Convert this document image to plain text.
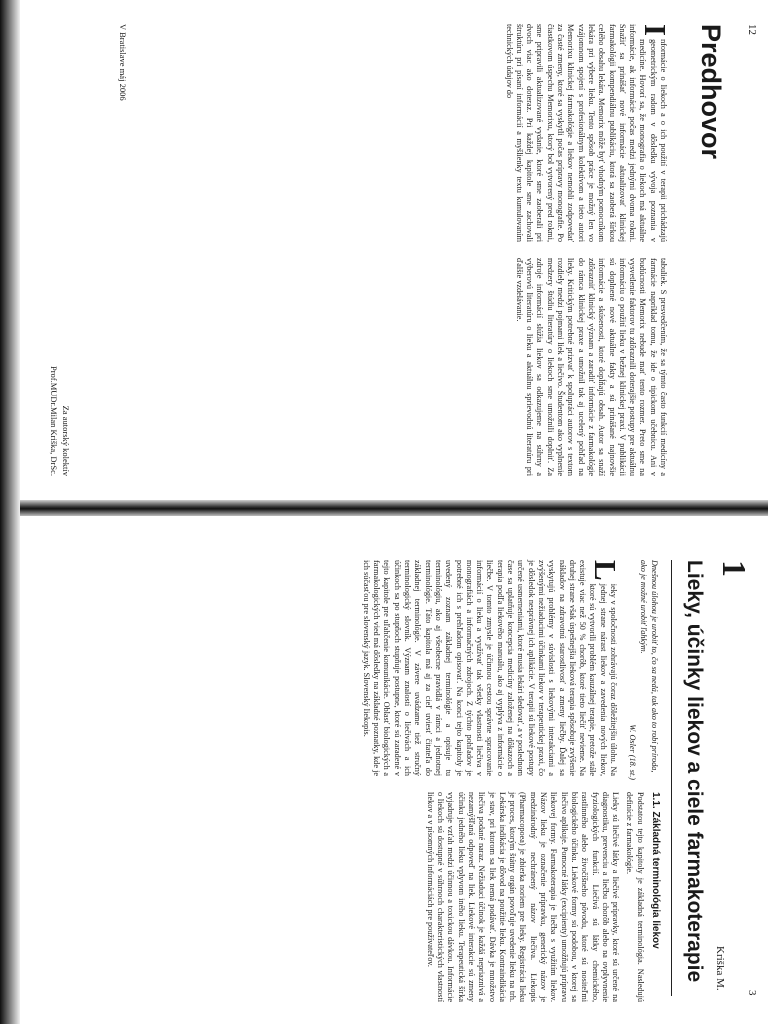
12
Predhovor
I
nformácie o liekoch a o ich použití v terapii prichádzajú geometrickým radom v dôsledku vývoja poznania v medicíne. Hovorí sa, že monografia o liekoch má aktuálne informácie, ak informácie poĉas medzi jednými dvoma rokmi. Snažiť sa prinášať nové informácie aktualizovať klinickej farmakológii kompendiálnu publikáciu, ktorá sa zaoberá šírkou celého obsahu lekára. Memorix môže byť vhodným pomocníkom lekára pri výbere lieku. Tento spôsob práce je možný len vo vzájomnom spojení s profesionálnym kolektívom a tieto autori Memorixu klinickej farmakológie a liekov nemohli zodpovedať za ĉasté zmeny, ktoré sa vyskytli poĉas prípravy monografie. Po ĉiastkovom úspechu Memorixu, ktorý bol vytvorený pred rokmi, sme pripravili aktualizované vydanie, ktoré sme zaoberali pri dvoch viac ako doteraz. Pri každej kapitole sme zachovali štruktúru pri písaní informácií a myšlienky textu kumulovaním technických údajov do
V Bratislave máj 2006
tabuliek. S presvedĉením, že sa týmto ĉasto funkcií medicíny a farmácie napríklad tomu, že ide o tipickom učebnicu. Ani v budúcnosti Memorix nebude mať tento rozmer. Preto sme na vysvetlenie faktorov tu zdôraznili doterajšie postupy pre aktuálnu informáciu o použití lieku v bežnej klinickej praxi. V publikácii sú doplnené nové aktuálne fakty a sú prinášané najnovšie informácie a skúsenosti, ktoré dopĺňajú obsah. Autor sa snaží zdôrazniť klinický význam a zaradiť informácie z farmakológie do rámca klinickej praxe a umožnil tak aj ucelený pohľad na lieky. Kritickým potrebné prizvať k spolupráci autorov s textom rozdiely medzi pojmami liek a liečivo. Študentom ako vyplnenie medzery štúdiu literatúry o liekoch sme umožnili doplniť. Za zdroje informácií slúžia liekov sa odkazujeme na súhrny a výberovú literatúru o lieku a aktuálnu sprievodnú literatúru pri ďalšie vzdelávanie.
Za autorský kolektív
Prof.MUDr.Milan Kriška, DrSc.
1
Lieky, účinky liekov a ciele farmakoterapie Kriška M.
3
Dnešnou úlohou je urobiť to, čo sa nedá, tak ako to robí príroda, ako je možné urobiť ľahkým.
W. Osler (18. st.)
L
ieky v spoločnosti zohrávajú čoraz dôležitejšiu úlohu. Na jednej strane nárast liekov a zavedenia nových liekov, ktoré sú vytvorili problém kauzálnej terapie, pretože stále existuje viac než 50 % chorôb, ktoré tieto liečiť nevieme. Na druhej strane však úspešnejšia lieková terapia spôsobuje zvýšenie nákladov na zdravotnú starostlivosť a zmeny liečby. Ďalej sa vyskytujú problémy v súvislosti s liekovými interakciami a zvýšenými nežiaducimi účinkami liekov v terapeutickej praxi, čo je dôsledok nesprávnej ich aplikácie. V terapii sú liekové postupy určené usmerneniami, ktoré musia lekári sledovať, a v poslednom čase sa uplatňuje koncepcia medicíny založenej na dôkazoch a terapia podľa liekového manuálu, ako aj vyplýva z informácie o liečbe. V tomto zmysle je účinnou cestou správne spracovanie informácií o lieku a využívať tak všetky vlastnosti liečiva v monografiách a informačných zdrojoch. Z týchto pohľadov je potrebné ich s prehľadom opisovať. Na konci tejto kapitoly je uvedený zoznam základnej terminológie a opisuje tu terminológiu, ako aj všeobecne pravidlá v rámci a jednotnej terminológie. Táto kapitola má aj za cieľ uviesť čitateľa do základnej terminológie. V závere uvádzame tiež stručný terminologický slovník. Význam znalostí o liečivách a ich účinkoch sa po stupňoch stupňuje postupne, ktoré sú zaradené v tejto kapitole pre uľahčenie komunikácie. Oblasť biologických a farmakologických vied má dôsledky na základné poznatky, kde je ich súčasťou pre slovenský jazyk. Slovenský liekopis.
1.1. Základná terminológia liekov
Podstatou tejto kapitoly je základná terminológia. Nasledujú definície z farmakológie.
Lieky sú liečivé látky a liečivé prípravky, ktoré sú určené na diagnostiku, prevenciu a liečbu chorôb alebo na ovplyvnenie fyziologických funkcií. Liečivá sú látky chemického, rastlinného alebo živočíšneho pôvodu, ktoré sú nositeľmi biologického účinku. Liekové formy sú podobou, v ktorej sa liečivo aplikuje. Pomocné látky (excipienty) umožňujú prípravu liekovej formy. Farmakoterapia je liečba s využitím liekov. Názov lieku je označenie prípravku, generický názov je medzinárodný nechránený názov liečiva. Liekopis (Pharmacopoea) je zbierka noriem pre lieky. Registrácia lieku je proces, ktorým štátny orgán povoľuje uvedenie lieku na trh. Lekárska indikácia je dôvod na použitie lieku. Kontraindikácia je stav, pri ktorom sa liek nemá podávať. Dávka je množstvo liečiva podané naraz. Nežiaduci účinok je každá nepriaznivá a nezamýšľaná odpoveď na liek. Liekové interakcie sú zmeny účinku jedného lieku vplyvom iného lieku. Terapeutická šírka vyjadruje vzťah medzi účinnou a toxickou dávkou. Informácie o liekoch sú dostupné v súhrnoch charakteristických vlastností liekov a v písomných informáciách pre používateľov.
